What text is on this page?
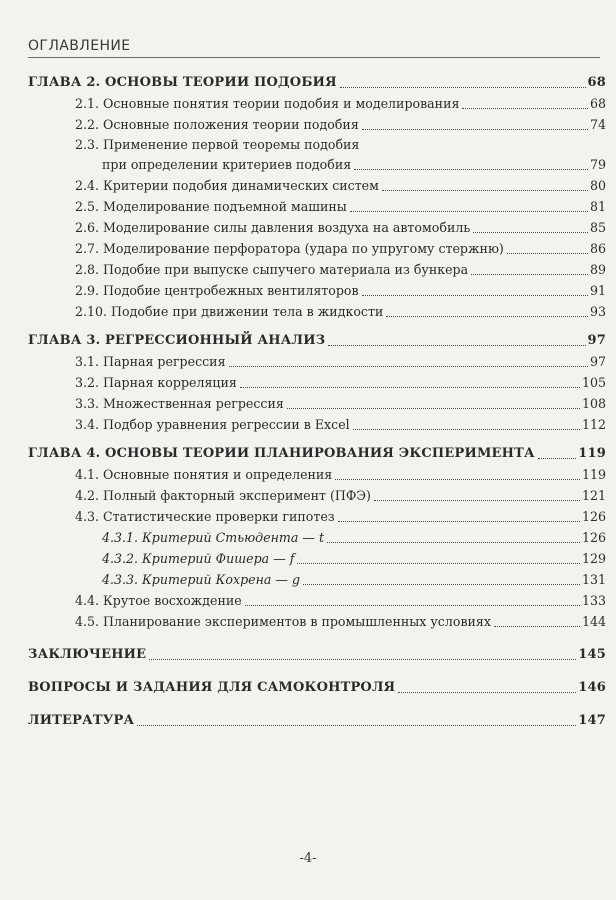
ОГЛАВЛЕНИЕ
ГЛАВА 2. ОСНОВЫ ТЕОРИИ ПОДОБИЯ	68
2.1. Основные понятия теории подобия и моделирования	68
2.2. Основные положения теории подобия	74
2.3. Применение первой теоремы подобия
при определении критериев подобия	79
2.4. Критерии подобия динамических систем	80
2.5. Моделирование подъемной машины	81
2.6. Моделирование силы давления воздуха на автомобиль	85
2.7. Моделирование перфоратора (удара по упругому стержню)	86
2.8. Подобие при выпуске сыпучего материала из бункера	89
2.9. Подобие центробежных вентиляторов	91
2.10. Подобие при движении тела в жидкости	93
ГЛАВА 3. РЕГРЕССИОННЫЙ АНАЛИЗ	97
3.1. Парная регрессия	97
3.2. Парная корреляция	105
3.3. Множественная регрессия	108
3.4. Подбор уравнения регрессии в Excel	112
ГЛАВА 4. ОСНОВЫ ТЕОРИИ ПЛАНИРОВАНИЯ ЭКСПЕРИМЕНТА	119
4.1. Основные понятия и определения	119
4.2. Полный факторный эксперимент (ПФЭ)	121
4.3. Статистические проверки гипотез	126
4.3.1. Критерий Стьюдента — t	126
4.3.2. Критерий Фишера — f	129
4.3.3. Критерий Кохрена — g	131
4.4. Крутое восхождение	133
4.5. Планирование экспериментов в промышленных условиях	144
ЗАКЛЮЧЕНИЕ	145
ВОПРОСЫ И ЗАДАНИЯ ДЛЯ САМОКОНТРОЛЯ	146
ЛИТЕРАТУРА	147
-4-
